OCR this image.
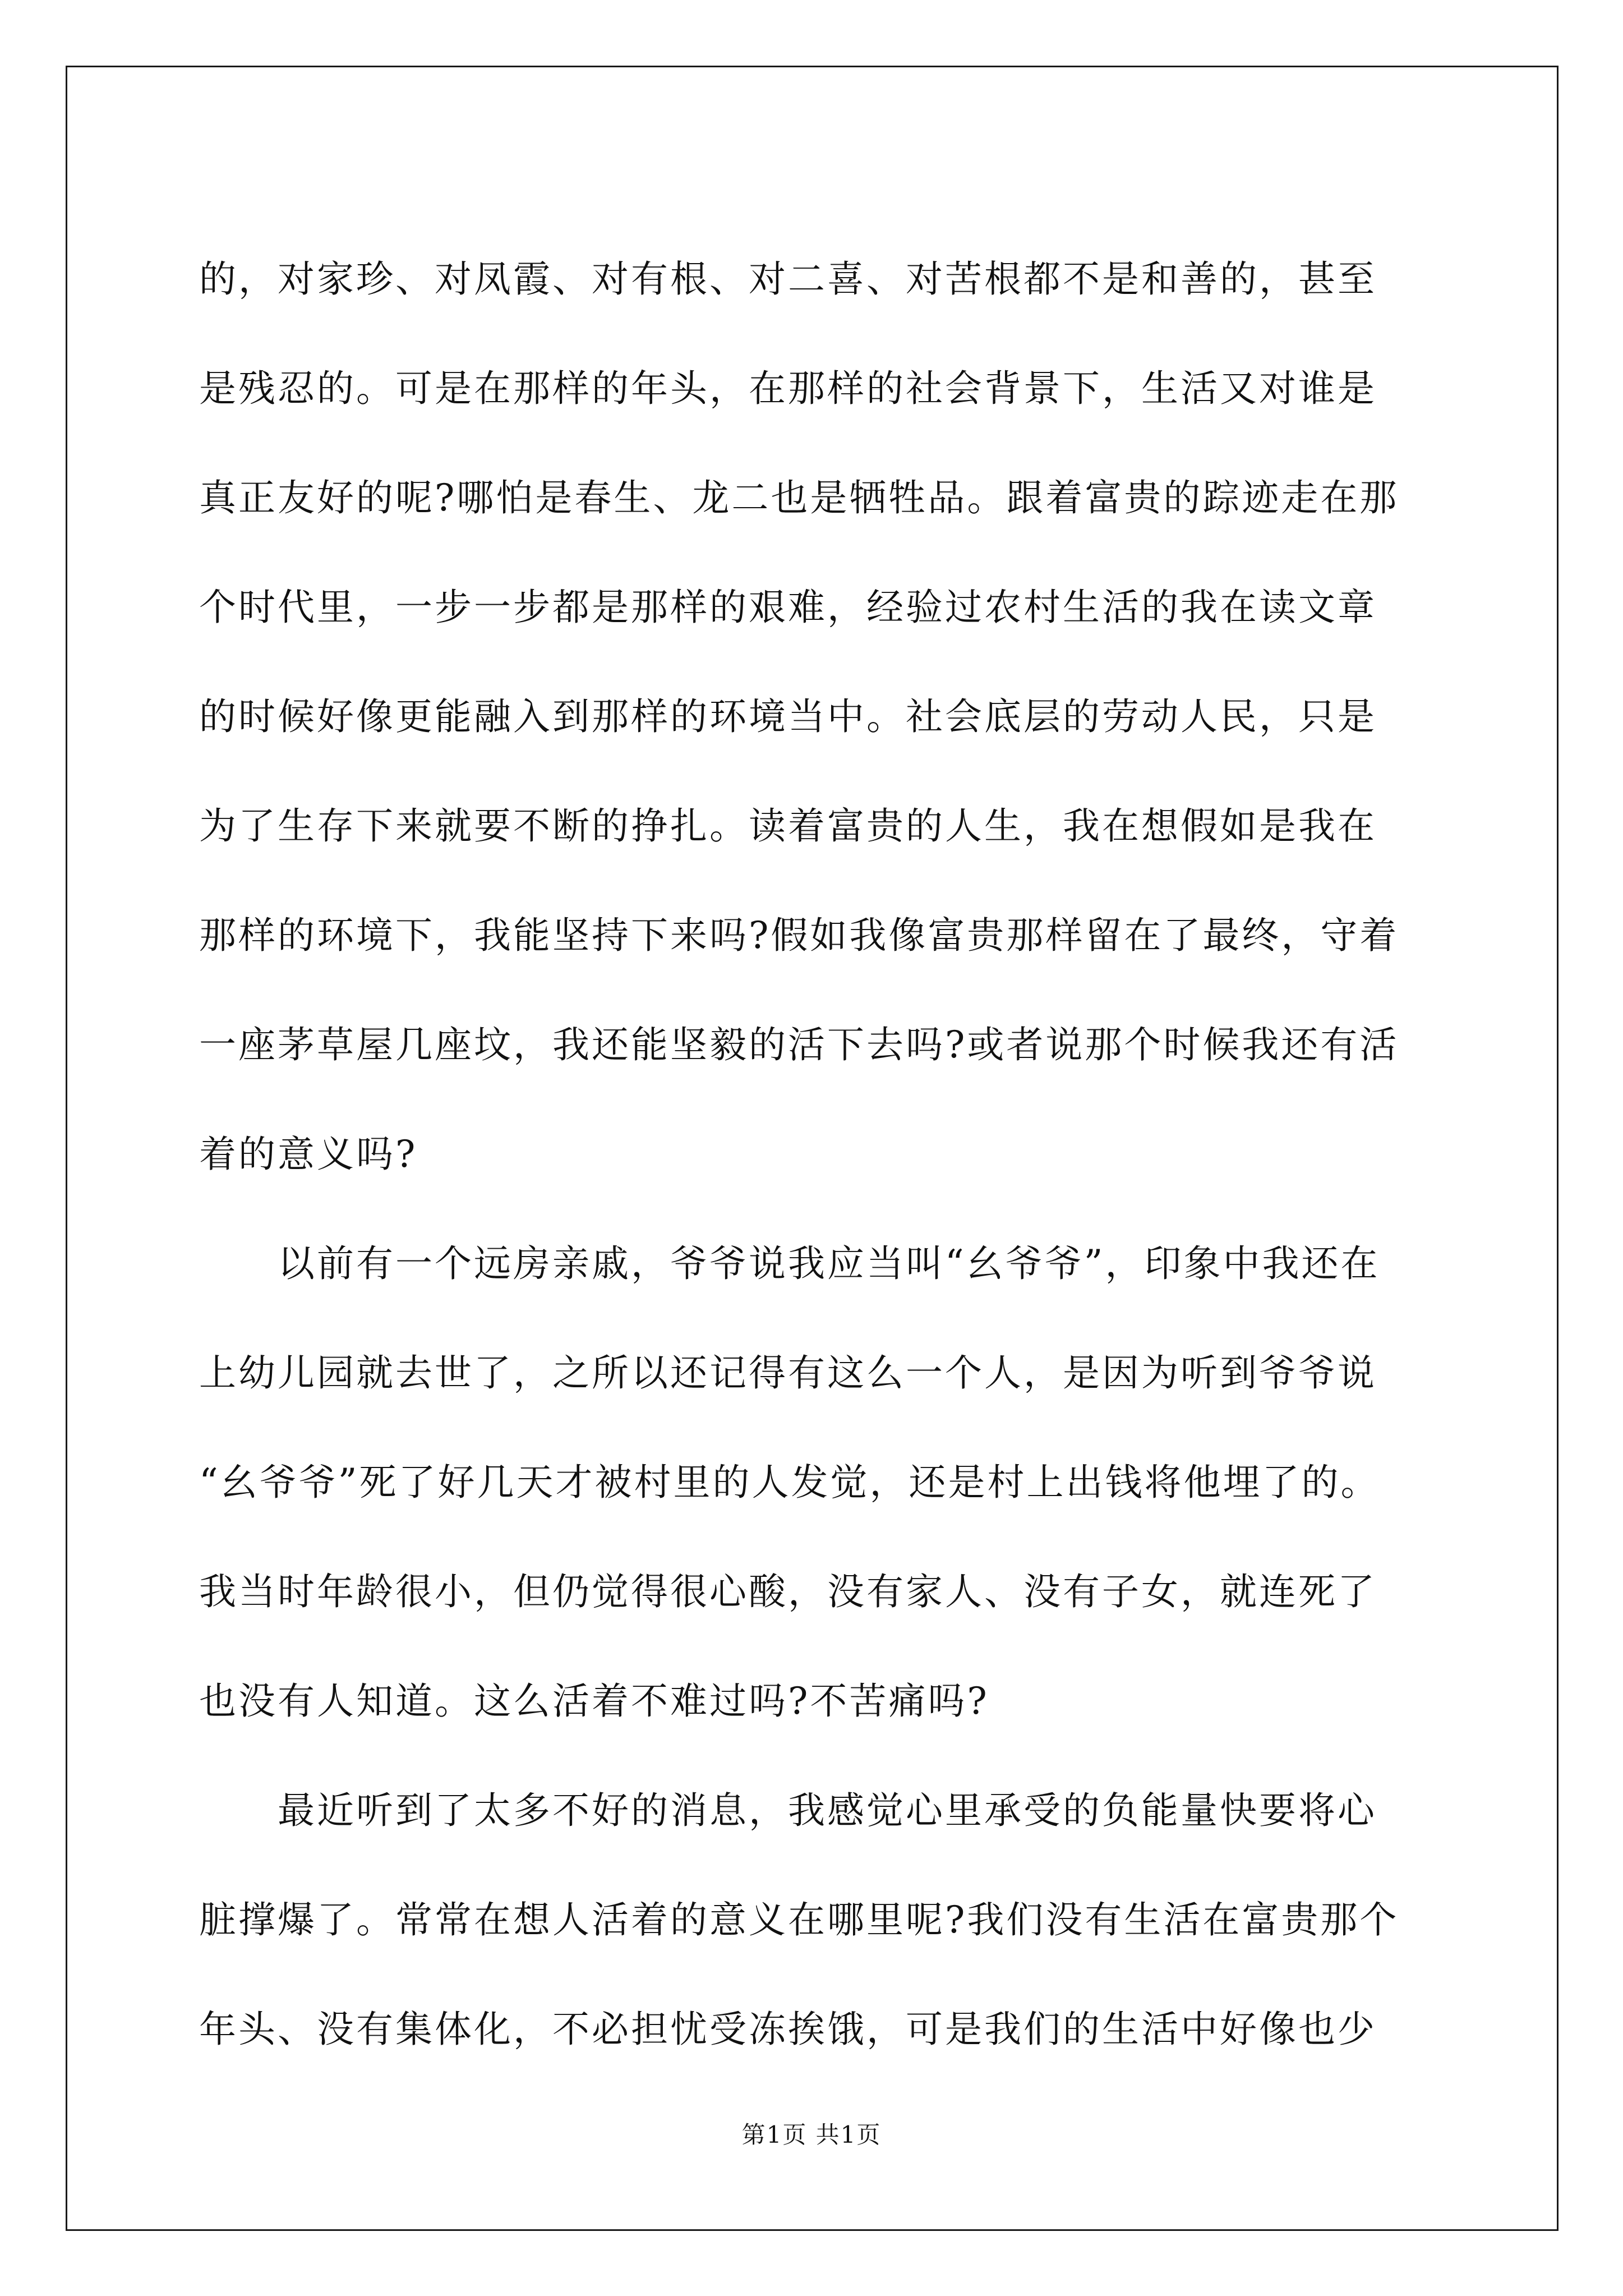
的，对家珍、对凤霞、对有根、对二喜、对苦根都不是和善的，甚至
是残忍的。可是在那样的年头，在那样的社会背景下，生活又对谁是
真正友好的呢?哪怕是春生、龙二也是牺牲品。跟着富贵的踪迹走在那
个时代里，一步一步都是那样的艰难，经验过农村生活的我在读文章
的时候好像更能融入到那样的环境当中。社会底层的劳动人民，只是
为了生存下来就要不断的挣扎。读着富贵的人生，我在想假如是我在
那样的环境下，我能坚持下来吗?假如我像富贵那样留在了最终，守着
一座茅草屋几座坟，我还能坚毅的活下去吗?或者说那个时候我还有活
着的意义吗?
以前有一个远房亲戚，爷爷说我应当叫“幺爷爷”，印象中我还在
上幼儿园就去世了，之所以还记得有这么一个人，是因为听到爷爷说
“幺爷爷”死了好几天才被村里的人发觉，还是村上出钱将他埋了的。
我当时年龄很小，但仍觉得很心酸，没有家人、没有子女，就连死了
也没有人知道。这么活着不难过吗?不苦痛吗?
最近听到了太多不好的消息，我感觉心里承受的负能量快要将心
脏撑爆了。常常在想人活着的意义在哪里呢?我们没有生活在富贵那个
年头、没有集体化，不必担忧受冻挨饿，可是我们的生活中好像也少
第1页 共1页
